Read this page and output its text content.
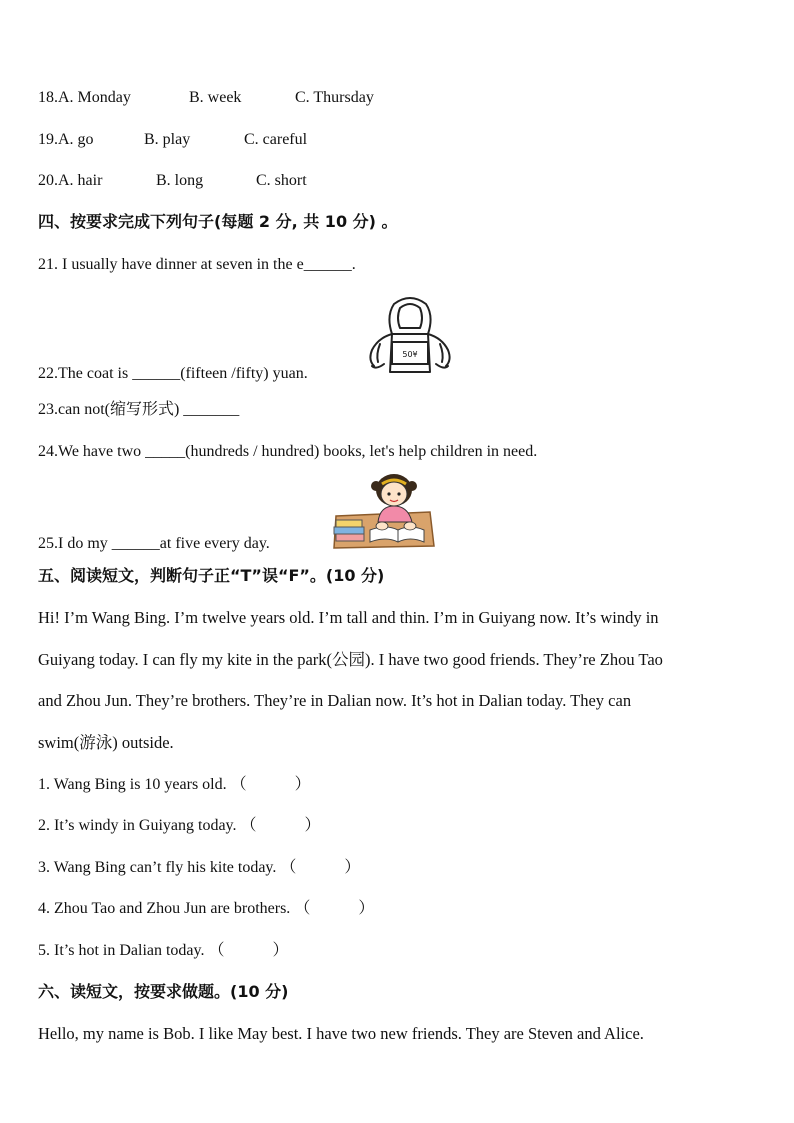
18.A. Monday	B. week	C. Thursday
19.A. go	B. play	C. careful
20.A. hair	B. long	C. short
四、按要求完成下列句子(每题 2 分, 共 10 分) 。
21. I usually have dinner at seven in the e______.
50¥
22.The coat is ______(fifteen /fifty) yuan.
23.can not(缩写形式) _______
24.We have two _____(hundreds / hundred) books, let's help children in need.
25.I do my ______at five every day.
五、阅读短文，判断句子正“T”误“F”。(10 分)
Hi! I’m Wang Bing. I’m twelve years old. I’m tall and thin. I’m in Guiyang now. It’s windy in
Guiyang today. I can fly my kite in the park(公园). I have two good friends. They’re Zhou Tao
and Zhou Jun. They’re brothers. They’re in Dalian now. It’s hot in Dalian today. They can
swim(游泳) outside.
1. Wang Bing is 10 years old. （　　　）
2. It’s windy in Guiyang today. （　　　）
3. Wang Bing can’t fly his kite today. （　　　）
4. Zhou Tao and Zhou Jun are brothers. （　　　）
5. It’s hot in Dalian today. （　　　）
六、读短文，按要求做题。(10 分)
Hello, my name is Bob. I like May best. I have two new friends. They are Steven and Alice.
